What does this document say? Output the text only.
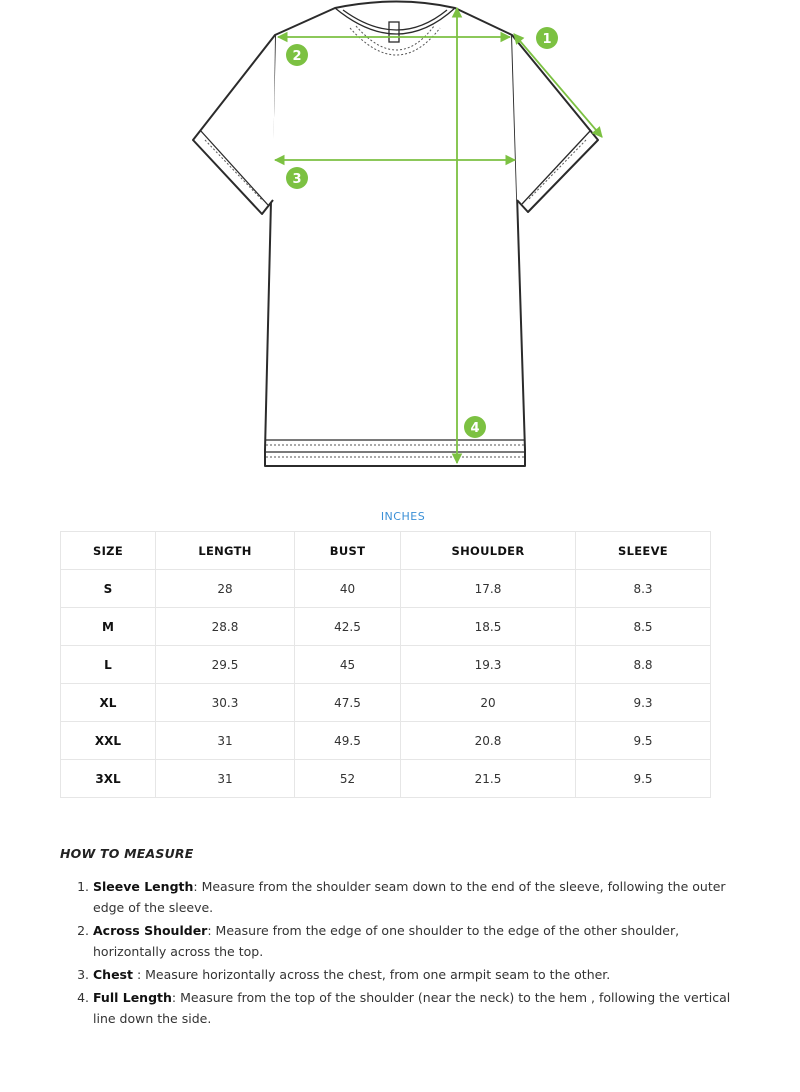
1
2
3
4
INCHES
SIZE	LENGTH	BUST	SHOULDER	SLEEVE
S	28	40	17.8	8.3
M	28.8	42.5	18.5	8.5
L	29.5	45	19.3	8.8
XL	30.3	47.5	20	9.3
XXL	31	49.5	20.8	9.5
3XL	31	52	21.5	9.5
HOW TO MEASURE
1. Sleeve Length: Measure from the shoulder seam down to the end of the sleeve, following the outer edge of the sleeve.
2. Across Shoulder: Measure from the edge of one shoulder to the edge of the other shoulder, horizontally across the top.
3. Chest : Measure horizontally across the chest, from one armpit seam to the other.
4. Full Length: Measure from the top of the shoulder (near the neck) to the hem , following the vertical line down the side.
